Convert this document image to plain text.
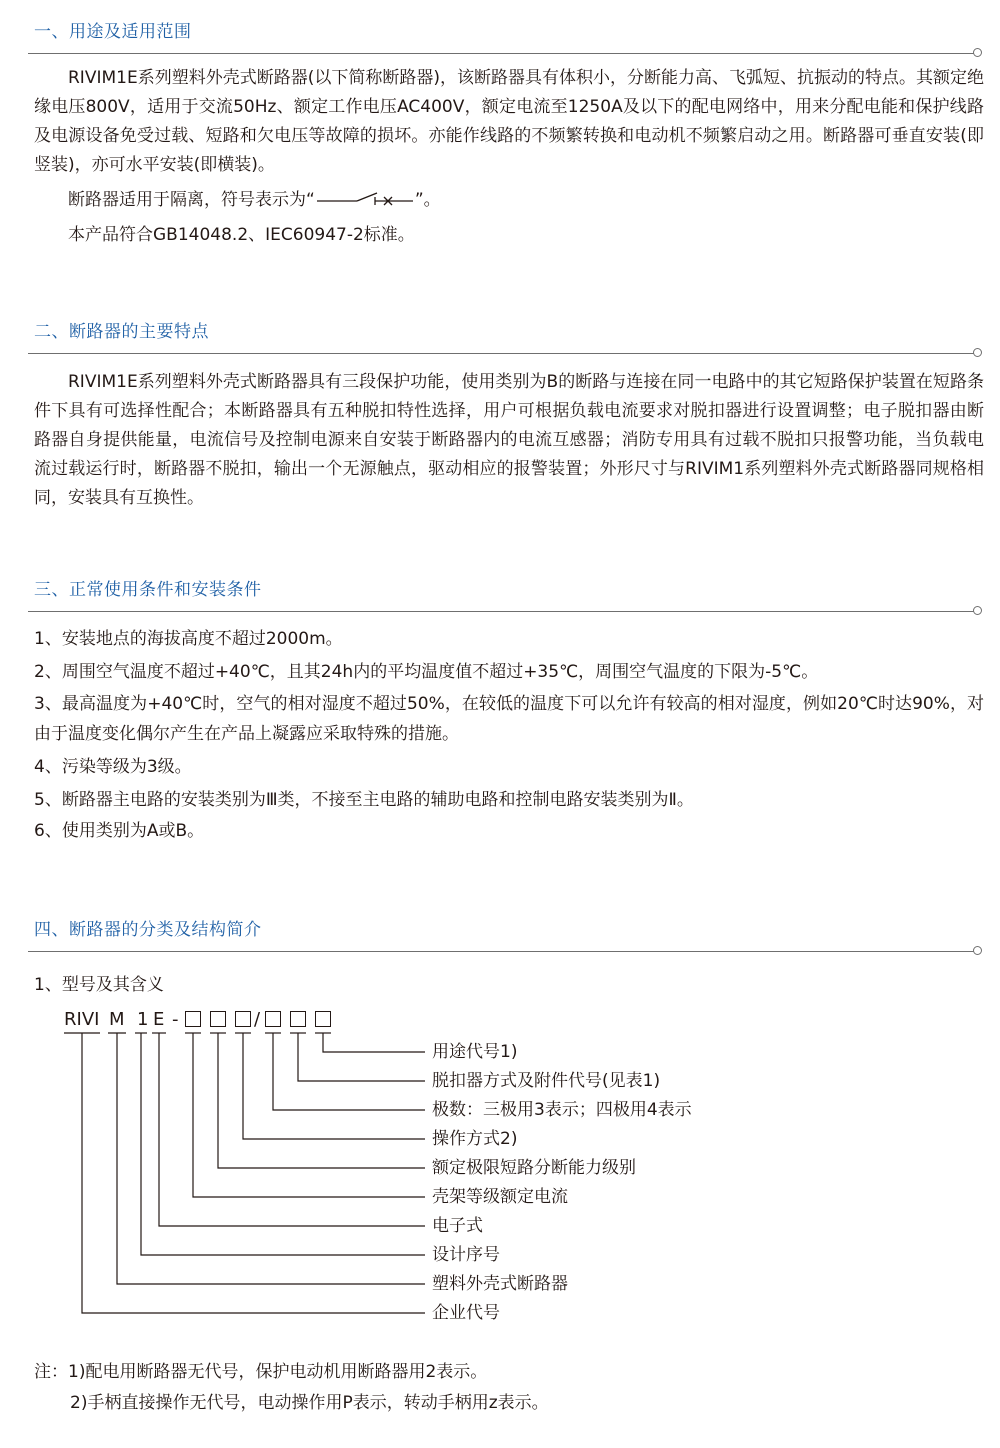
一、用途及适用范围

RIVIM1E系列塑料外壳式断路器(以下简称断路器)，该断路器具有体积小，分断能力高、飞弧短、抗振动的特点。其额定绝缘电压800V，适用于交流50Hz、额定工作电压AC400V，额定电流至1250A及以下的配电网络中，用来分配电能和保护线路及电源设备免受过载、短路和欠电压等故障的损坏。亦能作线路的不频繁转换和电动机不频繁启动之用。断路器可垂直安装(即竖装)，亦可水平安装(即横装)。

断路器适用于隔离，符号表示为“	”。
本产品符合GB14048.2、IEC60947-2标准。
二、断路器的主要特点

RIVIM1E系列塑料外壳式断路器具有三段保护功能，使用类别为B的断路与连接在同一电路中的其它短路保护装置在短路条件下具有可选择性配合；本断路器具有五种脱扣特性选择，用户可根据负载电流要求对脱扣器进行设置调整；电子脱扣器由断路器自身提供能量，电流信号及控制电源来自安装于断路器内的电流互感器；消防专用具有过载不脱扣只报警功能，当负载电流过载运行时，断路器不脱扣，输出一个无源触点，驱动相应的报警装置；外形尺寸与RIVIM1系列塑料外壳式断路器同规格相同，安装具有互换性。

三、正常使用条件和安装条件
1、安装地点的海拔高度不超过2000m。
2、周围空气温度不超过+40℃，且其24h内的平均温度值不超过+35℃，周围空气温度的下限为-5℃。

3、最高温度为+40℃时，空气的相对湿度不超过50%，在较低的温度下可以允许有较高的相对湿度，例如20℃时达90%，对由于温度变化偶尔产生在产品上凝露应采取特殊的措施。

4、污染等级为3级。
5、断路器主电路的安装类别为Ⅲ类，不接至主电路的辅助电路和控制电路安装类别为Ⅱ。
6、使用类别为A或B。
四、断路器的分类及结构简介
1、型号及其含义
RIVI M 1 E -	/
用途代号1)
脱扣器方式及附件代号(见表1)
极数：三极用3表示；四极用4表示
操作方式2)
额定极限短路分断能力级别
壳架等级额定电流
电子式
设计序号
塑料外壳式断路器
企业代号
注：1)配电用断路器无代号，保护电动机用断路器用2表示。
2)手柄直接操作无代号，电动操作用P表示，转动手柄用z表示。
